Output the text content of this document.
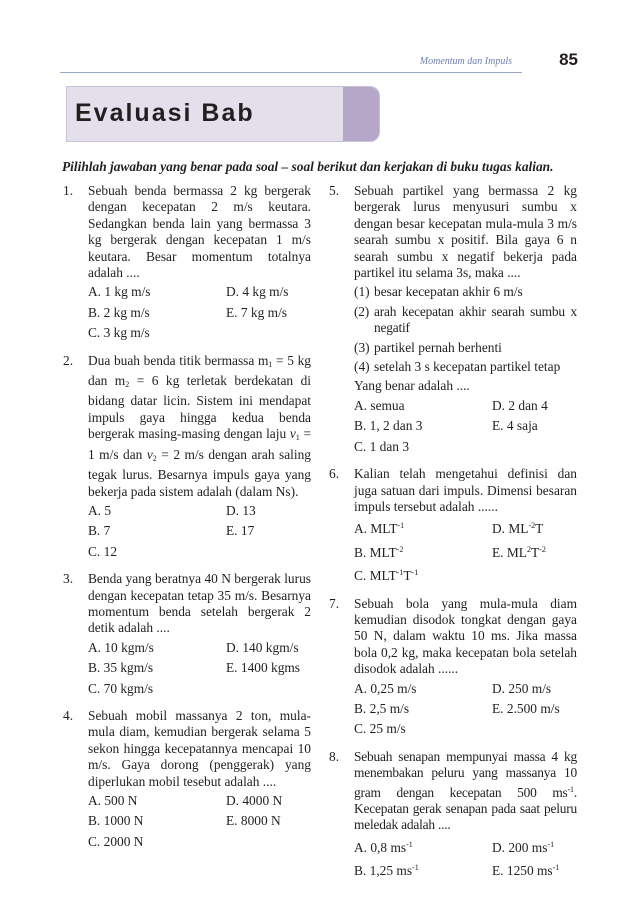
Momentum dan Impuls	85
Evaluasi Bab
Pilihlah jawaban yang benar pada soal – soal berikut dan kerjakan di buku tugas kalian.
1. Sebuah benda bermassa 2 kg bergerak dengan kecepatan 2 m/s keutara. Sedangkan benda lain yang bermassa 3 kg bergerak dengan kecepatan 1 m/s keutara. Besar momentum totalnya adalah ....
A. 1 kg m/s	D. 4 kg m/s
B. 2 kg m/s	E. 7 kg m/s
C. 3 kg m/s
2. Dua buah benda titik bermassa $m_1 = 5$ kg dan $m_2 = 6$ kg terletak berdekatan di bidang datar licin. Sistem ini mendapat impuls gaya hingga kedua benda bergerak masing-masing dengan laju $v_1 = 1$ m/s dan $v_2 = 2$ m/s dengan arah saling tegak lurus. Besarnya impuls gaya yang bekerja pada sistem adalah (dalam Ns).
A. 5	D. 13
B. 7	E. 17
C. 12
3. Benda yang beratnya 40 N bergerak lurus dengan kecepatan tetap 35 m/s. Besarnya momentum benda setelah bergerak 2 detik adalah ....
A. 10 kgm/s	D. 140 kgm/s
B. 35 kgm/s	E. 1400 kgms
C. 70 kgm/s
4. Sebuah mobil massanya 2 ton, mula-mula diam, kemudian bergerak selama 5 sekon hingga kecepatannya mencapai 10 m/s. Gaya dorong (penggerak) yang diperlukan mobil tesebut adalah ....
A. 500 N	D. 4000 N
B. 1000 N	E. 8000 N
C. 2000 N
5. Sebuah partikel yang bermassa 2 kg bergerak lurus menyusuri sumbu x dengan besar kecepatan mula-mula 3 m/s searah sumbu x positif. Bila gaya 6 n searah sumbu x negatif bekerja pada partikel itu selama 3s, maka ....
(1) besar kecepatan akhir 6 m/s
(2) arah kecepatan akhir searah sumbu x negatif
(3) partikel pernah berhenti
(4) setelah 3 s kecepatan partikel tetap
Yang benar adalah ....
A. semua	D. 2 dan 4
B. 1, 2 dan 3	E. 4 saja
C. 1 dan 3
6. Kalian telah mengetahui definisi dan juga satuan dari impuls. Dimensi besaran impuls tersebut adalah ......
A. $MLT^{-1}$	D. $ML^{-2}T$
B. $MLT^{-2}$	E. $ML^2T^{-2}$
C. $MLT^{-1}T^{-1}$
7. Sebuah bola yang mula-mula diam kemudian disodok tongkat dengan gaya 50 N, dalam waktu 10 ms. Jika massa bola 0,2 kg, maka kecepatan bola setelah disodok adalah ......
A. 0,25 m/s	D. 250 m/s
B. 2,5 m/s	E. 2.500 m/s
C. 25 m/s
8. Sebuah senapan mempunyai massa 4 kg menembakan peluru yang massanya 10 gram dengan kecepatan 500 $ms^{-1}$. Kecepatan gerak senapan pada saat peluru meledak adalah ....
A. 0,8 $ms^{-1}$	D. 200 $ms^{-1}$
B. 1,25 $ms^{-1}$	E. 1250 $ms^{-1}$
